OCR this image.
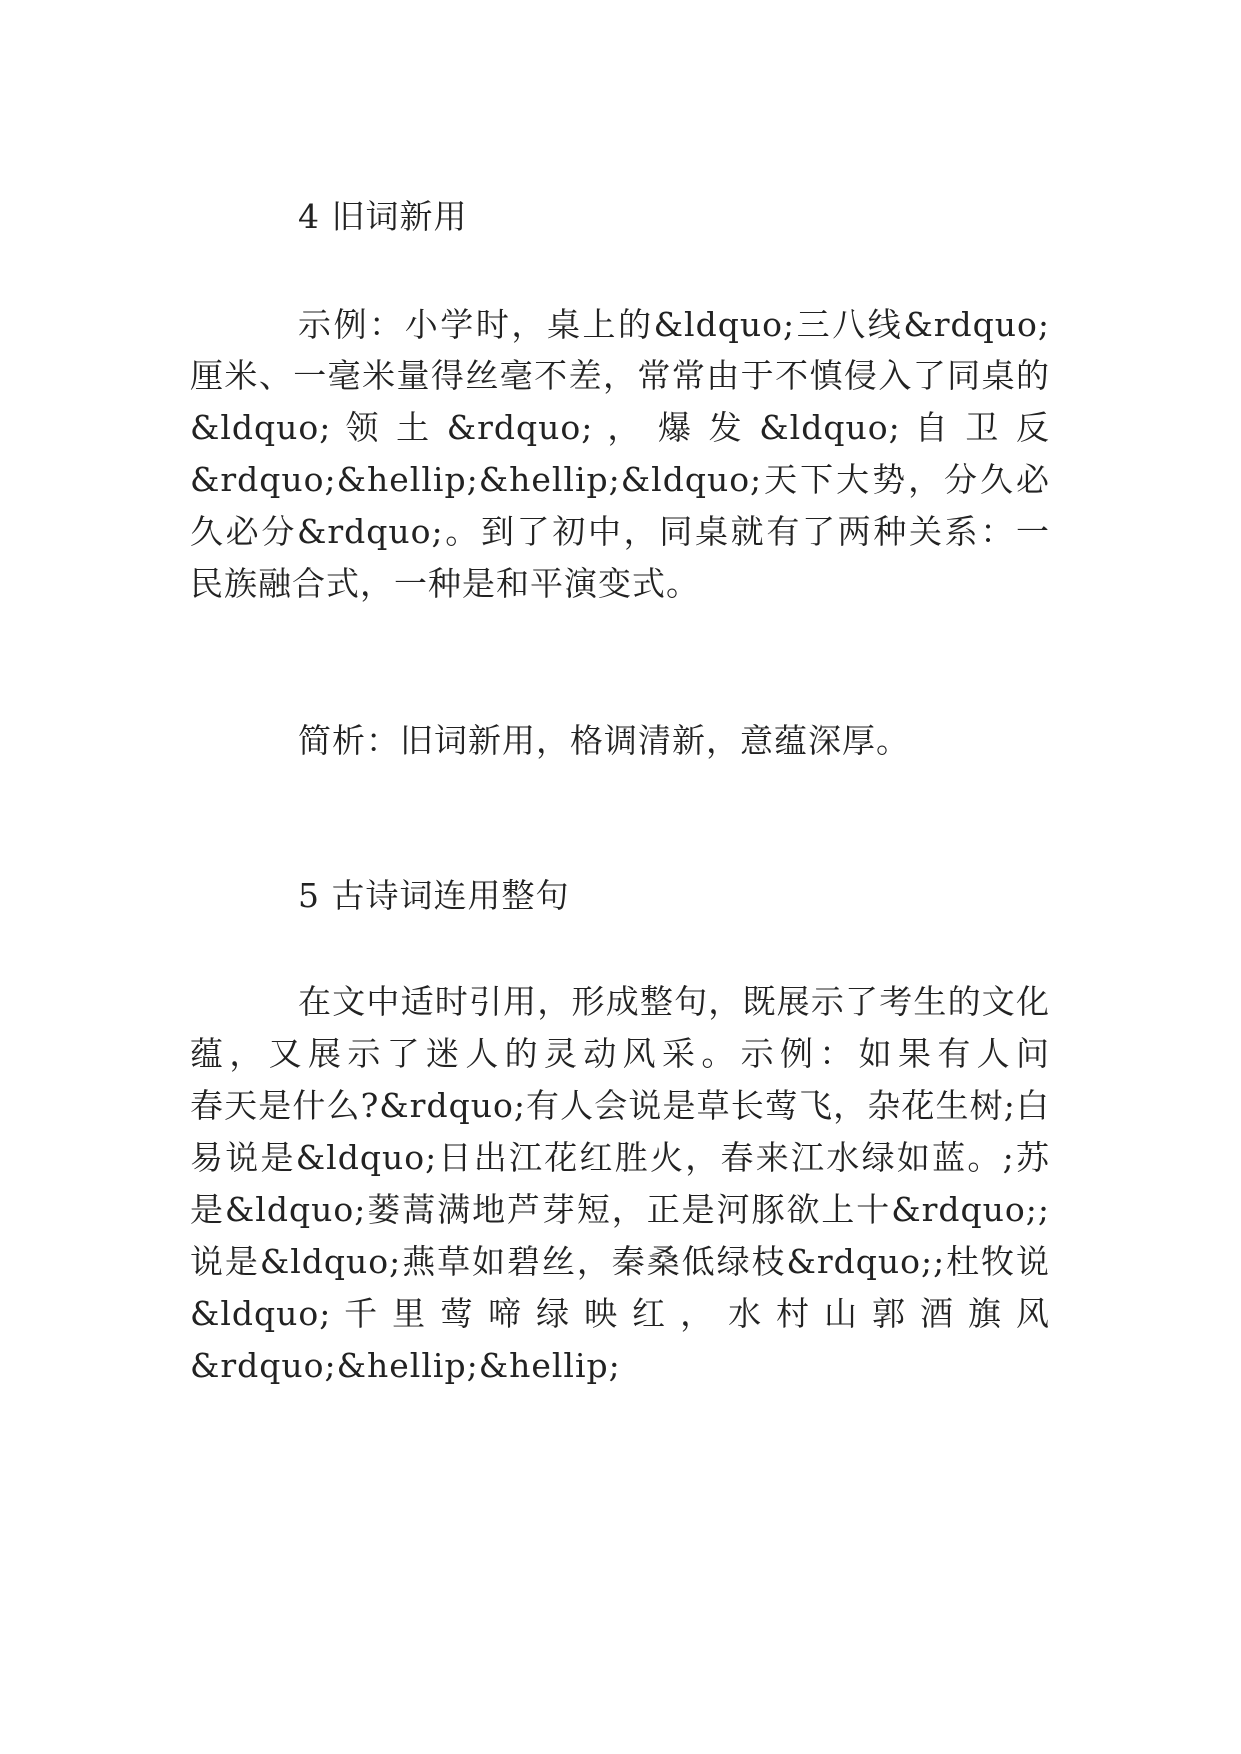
4 旧词新用
示例：小学时，桌上的&ldquo;三八线&rdquo;
厘米、一毫米量得丝毫不差，常常由于不慎侵入了同桌的
&ldquo; 领 土 &rdquo; ， 爆 发 &ldquo; 自 卫 反
&rdquo;&hellip;&hellip;&ldquo;天下大势，分久必
久必分&rdquo;。到了初中，同桌就有了两种关系：一
民族融合式，一种是和平演变式。
简析：旧词新用，格调清新，意蕴深厚。
5 古诗词连用整句
在文中适时引用，形成整句，既展示了考生的文化
蕴，又展示了迷人的灵动风采。示例：如果有人问
春天是什么?&rdquo;有人会说是草长莺飞，杂花生树;白
易说是&ldquo;日出江花红胜火，春来江水绿如蓝。;苏
是&ldquo;蒌蒿满地芦芽短，正是河豚欲上十&rdquo;;
说是&ldquo;燕草如碧丝，秦桑低绿枝&rdquo;;杜牧说
&ldquo; 千 里 莺 啼 绿 映 红 ， 水 村 山 郭 酒 旗 风
&rdquo;&hellip;&hellip;
